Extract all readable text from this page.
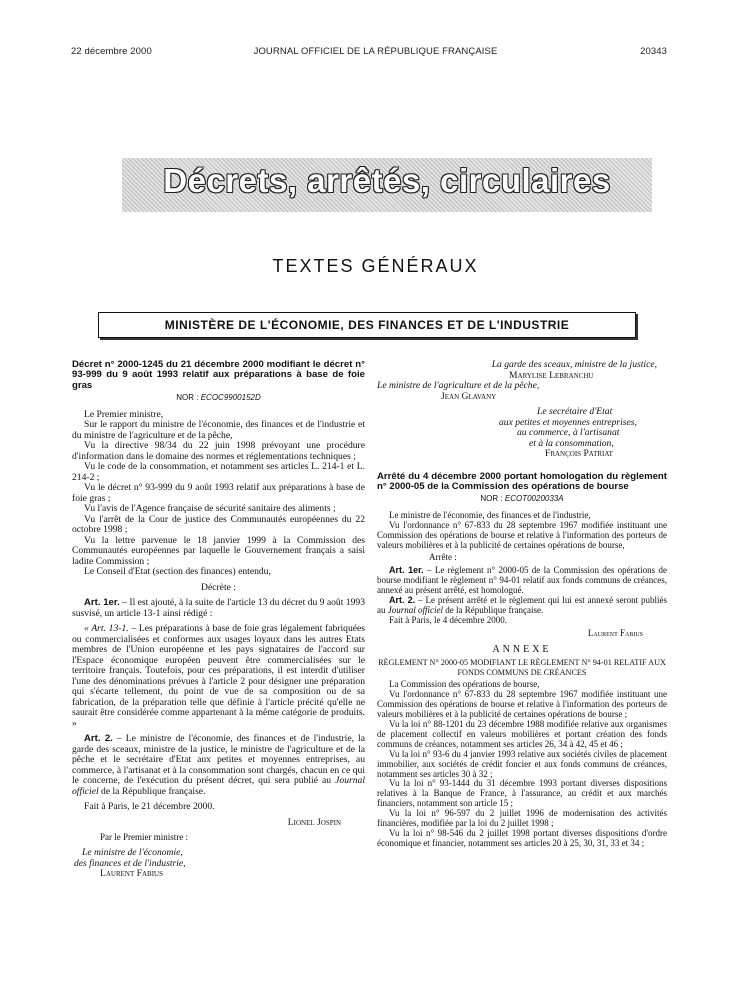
22 décembre 2000	JOURNAL OFFICIEL DE LA RÉPUBLIQUE FRANÇAISE	20343
Décrets, arrêtés, circulaires
TEXTES GÉNÉRAUX
MINISTÈRE DE L'ÉCONOMIE, DES FINANCES ET DE L'INDUSTRIE
Décret n° 2000-1245 du 21 décembre 2000 modifiant le décret n° 93-999 du 9 août 1993 relatif aux préparations à base de foie gras
NOR : ECOC9900152D

Le Premier ministre,

Sur le rapport du ministre de l'économie, des finances et de l'industrie et du ministre de l'agriculture et de la pêche,

Vu la directive 98/34 du 22 juin 1998 prévoyant une procédure d'information dans le domaine des normes et réglementations techniques ;

Vu le code de la consommation, et notamment ses articles L. 214-1 et L. 214-2 ;

Vu le décret n° 93-999 du 9 août 1993 relatif aux préparations à base de foie gras ;

Vu l'avis de l'Agence française de sécurité sanitaire des aliments ;

Vu l'arrêt de la Cour de justice des Communautés européennes du 22 octobre 1998 ;

Vu la lettre parvenue le 18 janvier 1999 à la Commission des Communautés européennes par laquelle le Gouvernement français a saisi ladite Commission ;

Le Conseil d'Etat (section des finances) entendu,

Décrète :

Art. 1er. – Il est ajouté, à la suite de l'article 13 du décret du 9 août 1993 susvisé, un article 13-1 ainsi rédigé :

« Art. 13-1. – Les préparations à base de foie gras légalement fabriquées ou commercialisées et conformes aux usages loyaux dans les autres Etats membres de l'Union européenne et les pays signataires de l'accord sur l'Espace économique européen peuvent être commercialisées sur le territoire français. Toutefois, pour ces préparations, il est interdit d'utiliser l'une des dénominations prévues à l'article 2 pour désigner une préparation qui s'écarte tellement, du point de vue de sa composition ou de sa fabrication, de la préparation telle que définie à l'article précité qu'elle ne saurait être considérée comme appartenant à la même catégorie de produits. »

Art. 2. – Le ministre de l'économie, des finances et de l'industrie, la garde des sceaux, ministre de la justice, le ministre de l'agriculture et de la pêche et le secrétaire d'Etat aux petites et moyennes entreprises, au commerce, à l'artisanat et à la consommation sont chargés, chacun en ce qui le concerne, de l'exécution du présent décret, qui sera publié au Journal officiel de la République française.

Fait à Paris, le 21 décembre 2000.

Lionel Jospin

Par le Premier ministre :

Le ministre de l'économie,

des finances et de l'industrie,

Laurent Fabius

La garde des sceaux, ministre de la justice,

Marylise Lebranchu

Le ministre de l'agriculture et de la pêche,

Jean Glavany

Le secrétaire d'Etat

aux petites et moyennes entreprises,

au commerce, à l'artisanat

et à la consommation,

François Patriat

Arrêté du 4 décembre 2000 portant homologation du règlement n° 2000-05 de la Commission des opérations de bourse
NOR : ECOT0020033A

Le ministre de l'économie, des finances et de l'industrie,

Vu l'ordonnance n° 67-833 du 28 septembre 1967 modifiée instituant une Commission des opérations de bourse et relative à l'information des porteurs de valeurs mobilières et à la publicité de certaines opérations de bourse,

Arrête :

Art. 1er. – Le règlement n° 2000-05 de la Commission des opérations de bourse modifiant le règlement n° 94-01 relatif aux fonds communs de créances, annexé au présent arrêté, est homologué.

Art. 2. – Le présent arrêté et le règlement qui lui est annexé seront publiés au Journal officiel de la République française.

Fait à Paris, le 4 décembre 2000.

Laurent Fabius

ANNEXE
RÈGLEMENT N° 2000-05 MODIFIANT LE RÈGLEMENT N° 94-01 RELATIF AUX FONDS COMMUNS DE CRÉANCES

La Commission des opérations de bourse,

Vu l'ordonnance n° 67-833 du 28 septembre 1967 modifiée instituant une Commission des opérations de bourse et relative à l'information des porteurs de valeurs mobilières et à la publicité de certaines opérations de bourse ;

Vu la loi n° 88-1201 du 23 décembre 1988 modifiée relative aux organismes de placement collectif en valeurs mobilières et portant création des fonds communs de créances, notamment ses articles 26, 34 à 42, 45 et 46 ;

Vu la loi n° 93-6 du 4 janvier 1993 relative aux sociétés civiles de placement immobilier, aux sociétés de crédit foncier et aux fonds communs de créances, notamment ses articles 30 à 32 ;

Vu la loi n° 93-1444 du 31 décembre 1993 portant diverses dispositions relatives à la Banque de France, à l'assurance, au crédit et aux marchés financiers, notamment son article 15 ;

Vu la loi n° 96-597 du 2 juillet 1996 de modernisation des activités financières, modifiée par la loi du 2 juillet 1998 ;

Vu la loi n° 98-546 du 2 juillet 1998 portant diverses dispositions d'ordre économique et financier, notamment ses articles 20 à 25, 30, 31, 33 et 34 ;
